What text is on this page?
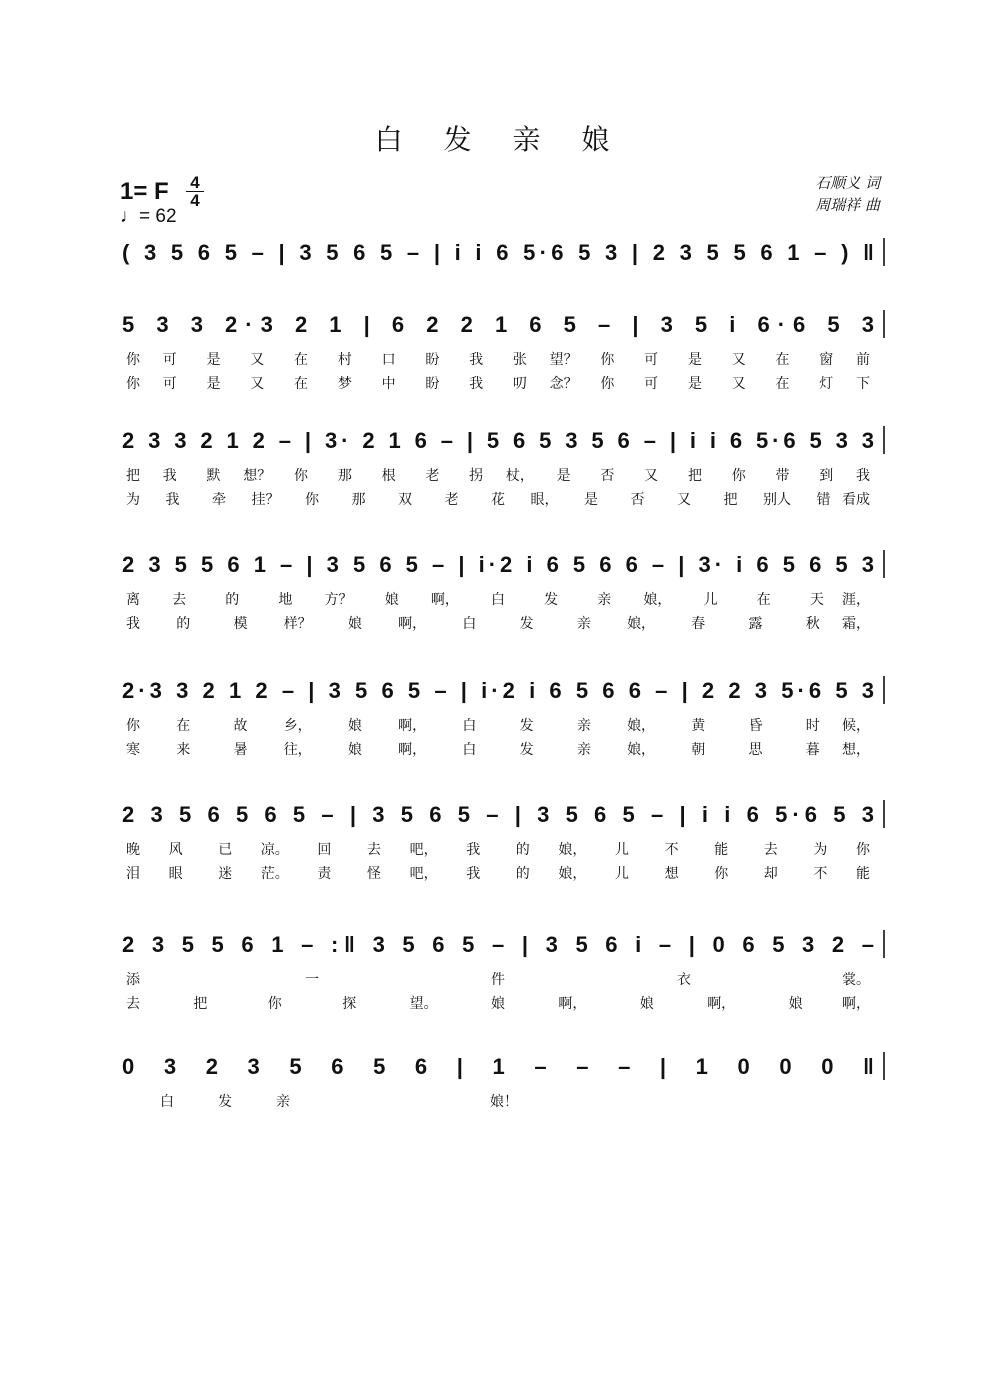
白 发 亲 娘
1= F 4
4
♩= 62
石顺义 词
周瑞祥 曲
( 3 5 6 5 – | 3 5 6 5 – | i i 6 5·6 5 3 | 2 3 5 5 6 1 – ) ‖
5 3 3 2·3 2 1 | 6 2 2 1 6 5 – | 3 5 i 6·6 5 3
你 可 是 又 在 村 口 盼 我 张 望？ 你 可 是 又 在 窗 前
你 可 是 又 在 梦 中 盼 我 叨 念？ 你 可 是 又 在 灯 下
2 3 3 2 1 2 – | 3· 2 1 6 – | 5 6 5 3 5 6 – | i i 6 5·6 5 3 3
把 我 默 想？ 你 那 根 老 拐 杖， 是 否 又 把 你 带 到 我
为 我 牵 挂？ 你 那 双 老 花 眼， 是 否 又 把 别人 错 看成
2 3 5 5 6 1 – | 3 5 6 5 – | i·2 i 6 5 6 6 – | 3· i 6 5 6 5 3
离 去	的	地 方？ 娘 啊， 白	发	亲 娘， 儿	在	天 涯，
我	的	模	样？	娘	啊，	白	发	亲	娘，	春	露	秋 霜，
2·3 3 2 1 2 – | 3 5 6 5 – | i·2 i 6 5 6 6 – | 2 2 3 5·6 5 3
你	在	故	乡，	娘	啊，	白	发	亲	娘，	黄	昏	时 候，
寒	来	暑	往，	娘	啊，	白	发	亲	娘，	朝	思	暮 想，
2 3 5 6 5 6 5 – | 3 5 6 5 – | 3 5 6 5 – | i i 6 5·6 5 3
晚 风	已 凉。 回	去 吧， 我	的 娘， 儿	不	能	去	为 你
泪 眼	迷 茫。 责	怪 吧， 我	的 娘， 儿	想	你	却	不 能
2 3 5 5 6 1 – :‖ 3 5 6 5 – | 3 5 6 i – | 0 6 5 3 2 –
添	一	件	衣	裳。
去	把	你	探	望。	娘	啊，	娘	啊，	娘	啊，
0 3 2 3 5 6 5 6 | 1 – – – | 1 0 0 0 ‖
白	发	亲	娘！
